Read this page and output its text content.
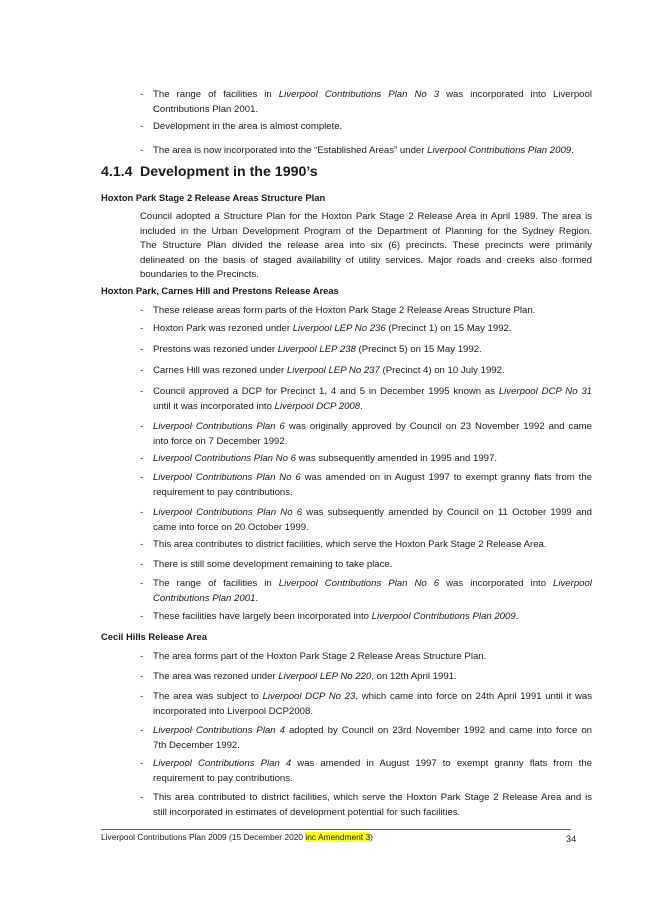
-	The range of facilities in Liverpool Contributions Plan No 3 was incorporated into Liverpool
Contributions Plan 2001.
-	Development in the area is almost complete.
-	The area is now incorporated into the “Established Areas” under Liverpool Contributions Plan 2009.
4.1.4 Development in the 1990’s
Hoxton Park Stage 2 Release Areas Structure Plan
Council adopted a Structure Plan for the Hoxton Park Stage 2 Release Area in April 1989. The area is
included in the Urban Development Program of the Department of Planning for the Sydney Region.
The Structure Plan divided the release area into six (6) precincts. These precincts were primarily
delineated on the basis of staged availability of utility services. Major roads and creeks also formed
boundaries to the Precincts.
Hoxton Park, Carnes Hill and Prestons Release Areas
-	These release areas form parts of the Hoxton Park Stage 2 Release Areas Structure Plan.
-	Hoxton Park was rezoned under Liverpool LEP No 236 (Precinct 1) on 15 May 1992.
-	Prestons was rezoned under Liverpool LEP 238 (Precinct 5) on 15 May 1992.
-	Carnes Hill was rezoned under Liverpool LEP No 237 (Precinct 4) on 10 July 1992.
-	Council approved a DCP for Precinct 1, 4 and 5 in December 1995 known as Liverpool DCP No 31
until it was incorporated into Liverpool DCP 2008.
-	Liverpool Contributions Plan 6 was originally approved by Council on 23 November 1992 and came
into force on 7 December 1992.
-	Liverpool Contributions Plan No 6 was subsequently amended in 1995 and 1997.
-	Liverpool Contributions Plan No 6 was amended on in August 1997 to exempt granny flats from the
requirement to pay contributions.
-	Liverpool Contributions Plan No 6 was subsequently amended by Council on 11 October 1999 and
came into force on 20 October 1999.
-	This area contributes to district facilities, which serve the Hoxton Park Stage 2 Release Area.
-	There is still some development remaining to take place.
-	The range of facilities in Liverpool Contributions Plan No 6 was incorporated into Liverpool
Contributions Plan 2001.
-	These facilities have largely been incorporated into Liverpool Contributions Plan 2009.
Cecil Hills Release Area
-	The area forms part of the Hoxton Park Stage 2 Release Areas Structure Plan.
-	The area was rezoned under Liverpool LEP No 220, on 12th April 1991.
-	The area was subject to Liverpool DCP No 23, which came into force on 24th April 1991 until it was
incorporated into Liverpool DCP2008.
-	Liverpool Contributions Plan 4 adopted by Council on 23rd November 1992 and came into force on
7th December 1992.
-	Liverpool Contributions Plan 4 was amended in August 1997 to exempt granny flats from the
requirement to pay contributions.
-	This area contributed to district facilities, which serve the Hoxton Park Stage 2 Release Area and is
still incorporated in estimates of development potential for such facilities.
Liverpool Contributions Plan 2009 (15 December 2020 inc Amendment 3)	34
